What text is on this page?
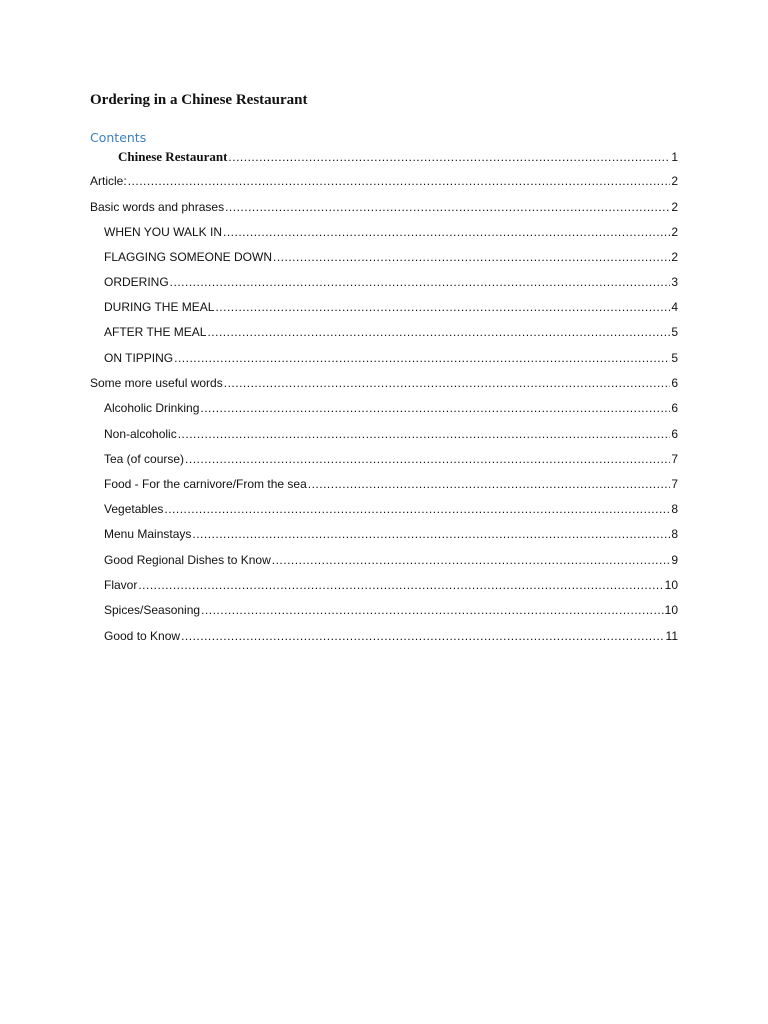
Ordering in a Chinese Restaurant
Contents
Chinese Restaurant .....	1
Article: .....	2
Basic words and phrases .....	2
WHEN YOU WALK IN .....	2
FLAGGING SOMEONE DOWN .....	2
ORDERING .....	3
DURING THE MEAL .....	4
AFTER THE MEAL .....	5
ON TIPPING .....	5
Some more useful words .....	6
Alcoholic Drinking .....	6
Non-alcoholic .....	6
Tea (of course) .....	7
Food - For the carnivore/From the sea .....	7
Vegetables .....	8
Menu Mainstays .....	8
Good Regional Dishes to Know .....	9
Flavor .....	10
Spices/Seasoning .....	10
Good to Know .....	11
